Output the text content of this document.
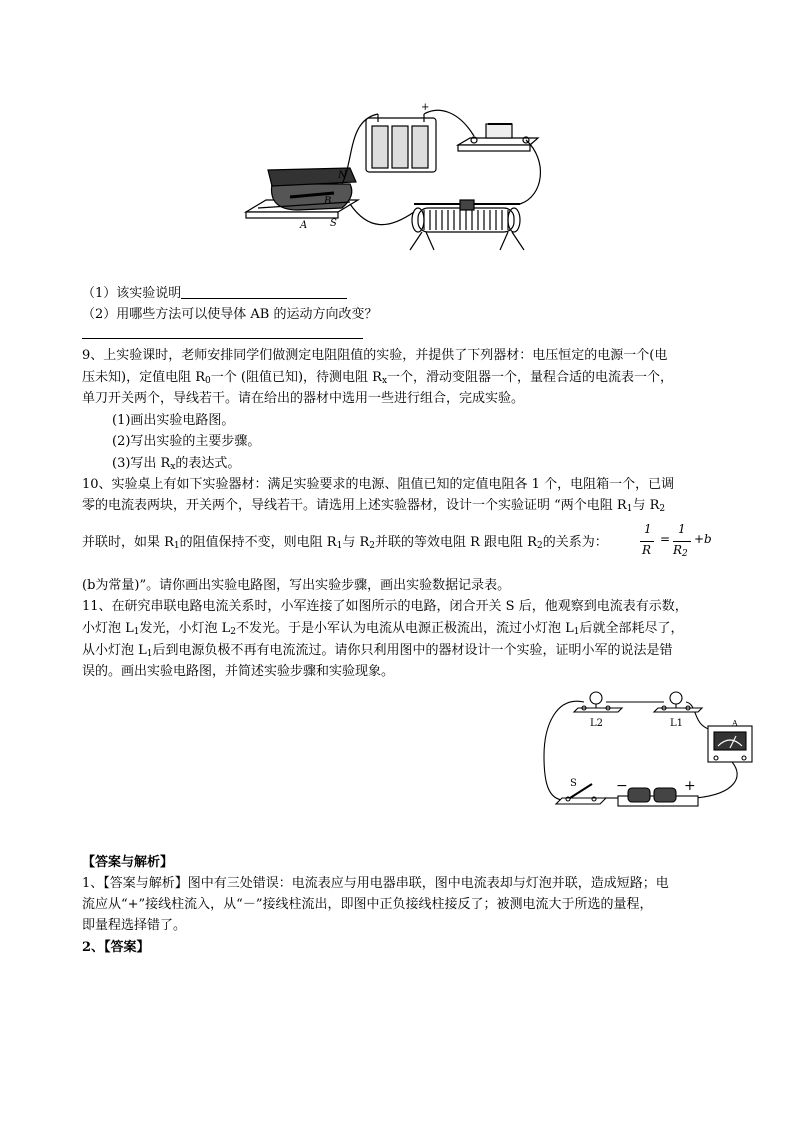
+
N
B
A S
（1）该实验说明
（2）用哪些方法可以使导体 AB 的运动方向改变？
9、上实验课时，老师安排同学们做测定电阻阻值的实验，并提供了下列器材：电压恒定的电源一个(电
压未知)，定值电阻 $R_0$一个 (阻值已知)，待测电阻 $R_x$一个，滑动变阻器一个，量程合适的电流表一个，
单刀开关两个，导线若干。请在给出的器材中选用一些进行组合，完成实验。
(1)画出实验电路图。
(2)写出实验的主要步骤。
(3)写出 $R_x$的表达式。
10、实验桌上有如下实验器材：满足实验要求的电源、阻值已知的定值电阻各 1 个，电阻箱一个，已调
零的电流表两块，开关两个，导线若干。请选用上述实验器材，设计一个实验证明 “两个电阻 $R_1$与 $R_2$
并联时，如果 $R_1$的阻值保持不变，则电阻 $R_1$与 $R_2$并联的等效电阻 R 跟电阻 $R_2$的关系为：
1
R
=
1
$R_2$
+b
(b为常量)”。请你画出实验电路图，写出实验步骤，画出实验数据记录表。
11、在研究串联电路电流关系时，小军连接了如图所示的电路，闭合开关 S 后，他观察到电流表有示数，
小灯泡 $L_1$发光，小灯泡 $L_2$不发光。于是小军认为电流从电源正极流出，流过小灯泡 $L_1$后就全部耗尽了，
从小灯泡 $L_1$后到电源负极不再有电流流过。请你只利用图中的器材设计一个实验，证明小军的说法是错
误的。画出实验电路图，并简述实验步骤和实验现象。
L2	L1	A
S	−	+
【答案与解析】
1、【答案与解析】图中有三处错误：电流表应与用电器串联，图中电流表却与灯泡并联，造成短路；电
流应从“+”接线柱流入，从“－”接线柱流出，即图中正负接线柱接反了；被测电流大于所选的量程，
即量程选择错了。
2、【答案】
